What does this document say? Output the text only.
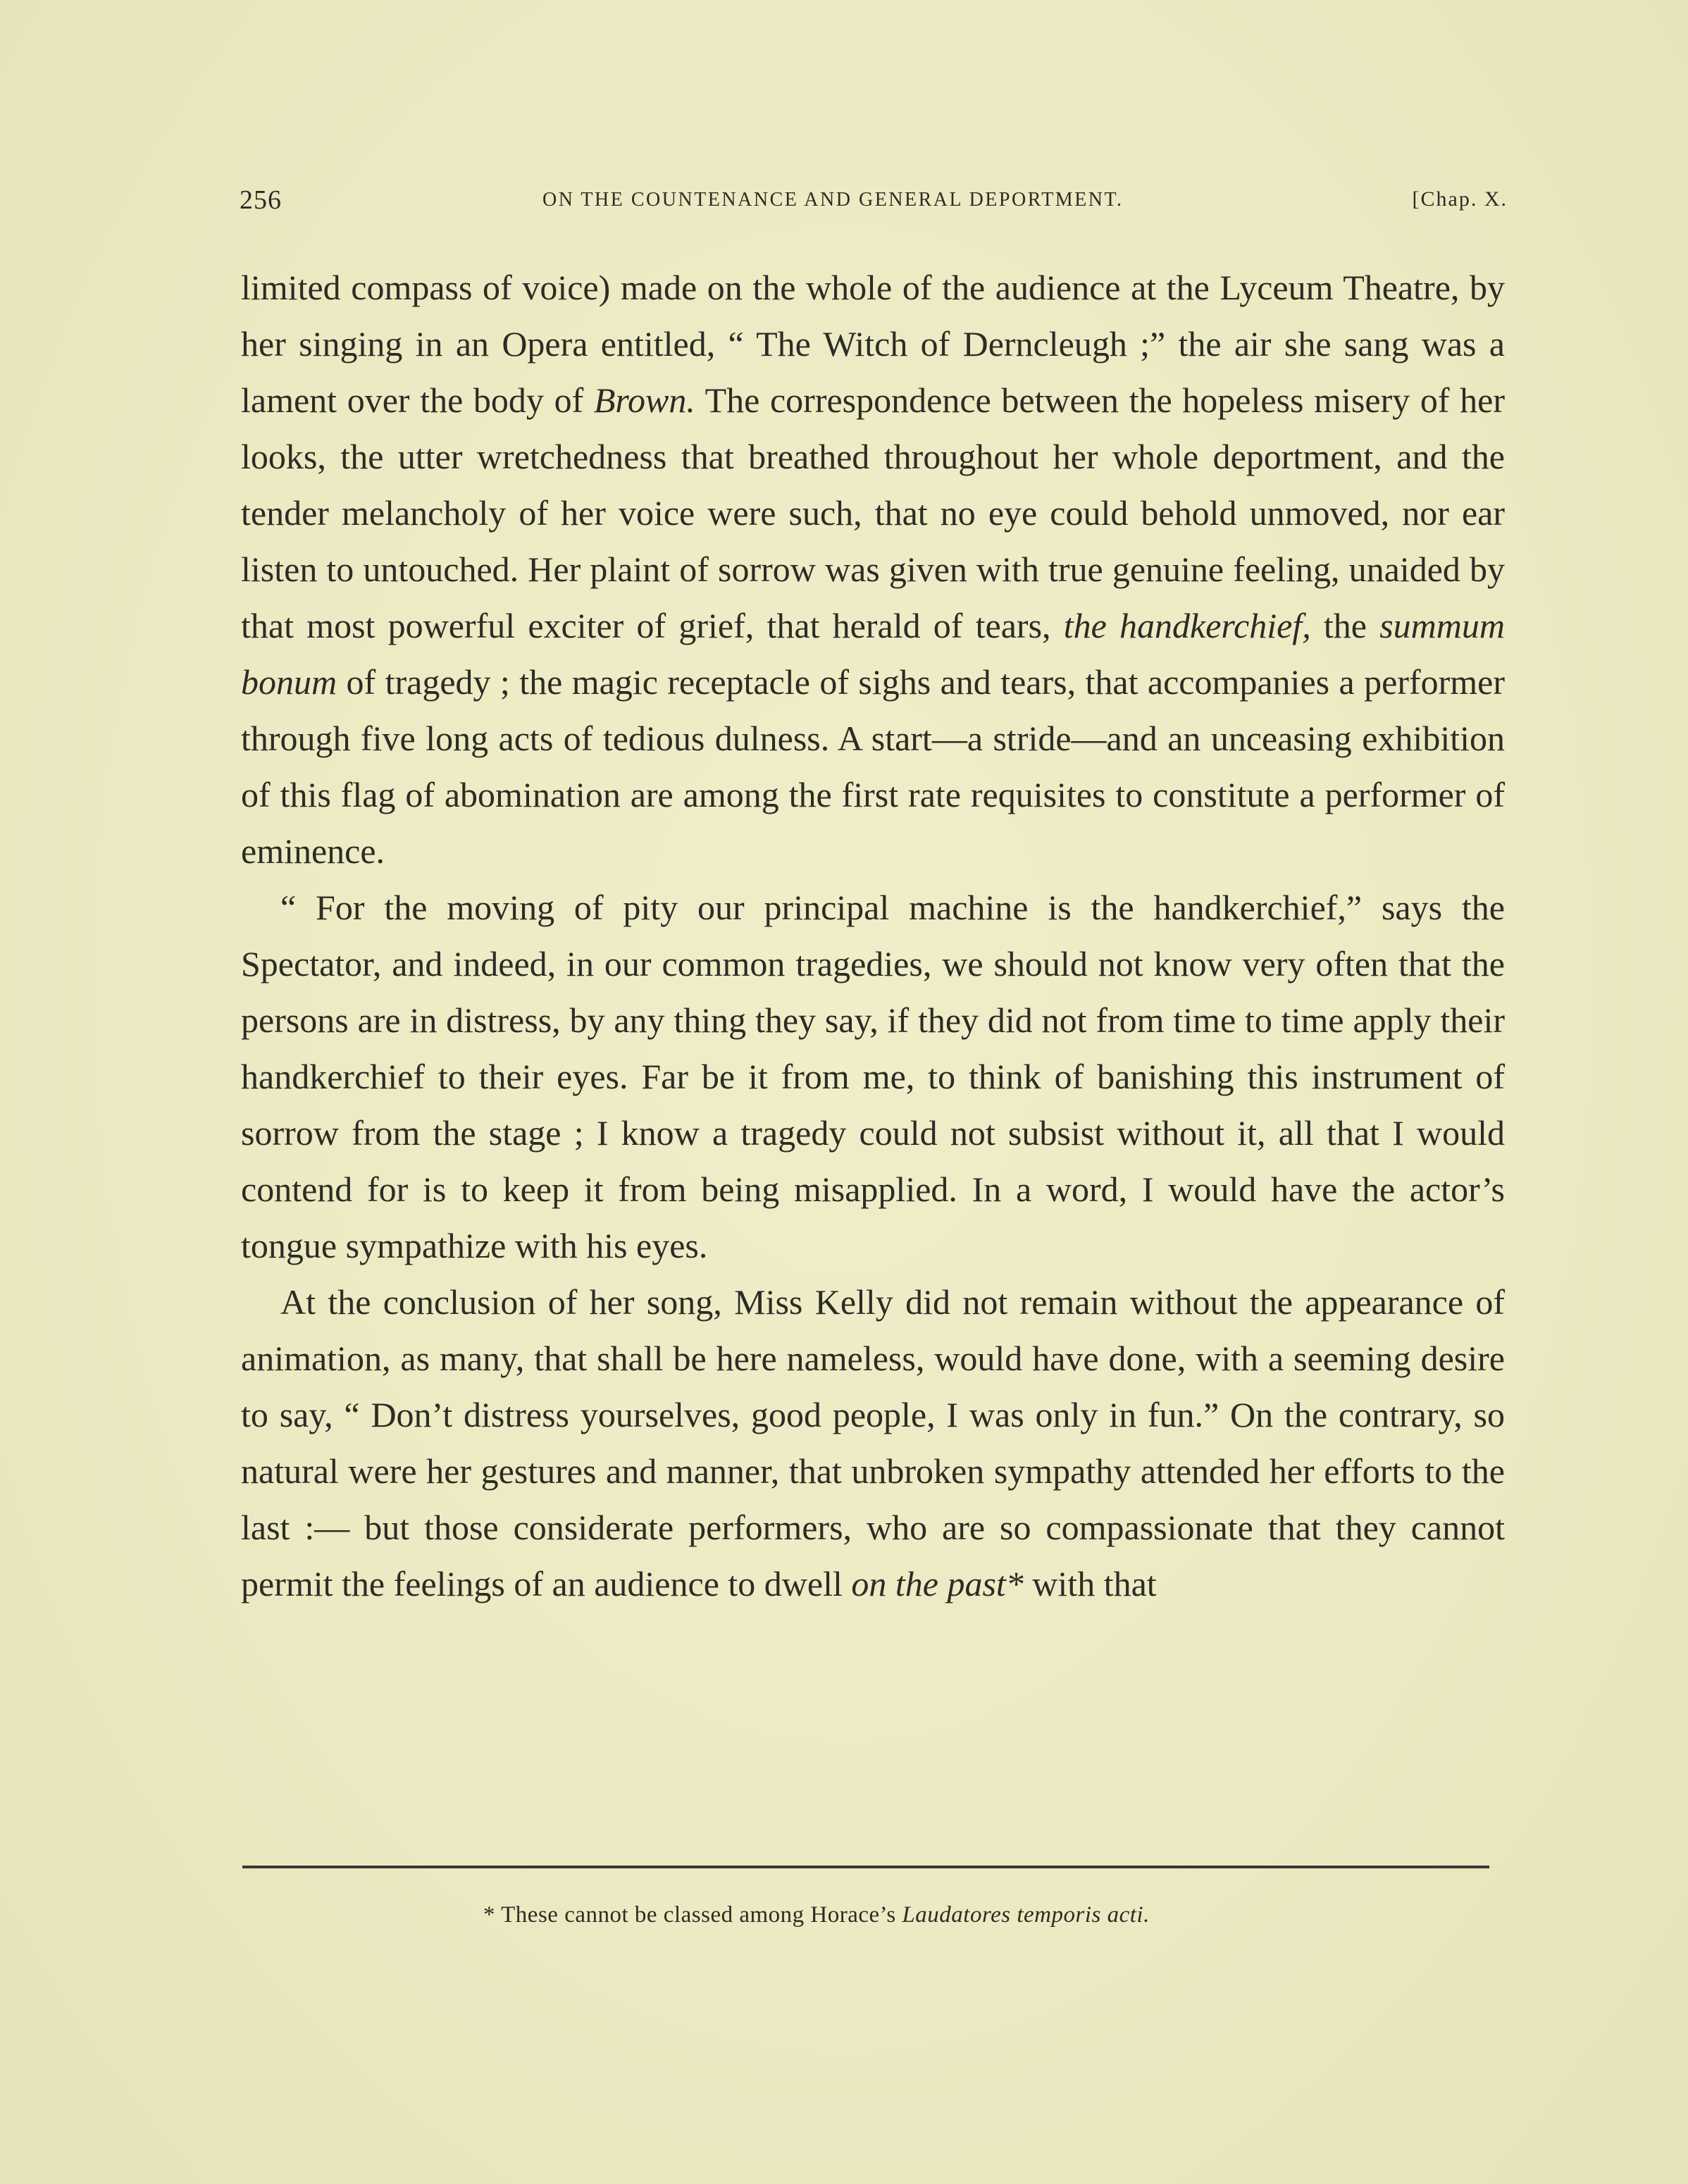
256	ON THE COUNTENANCE AND GENERAL DEPORTMENT.	[Chap. X.

limited compass of voice) made on the whole of the audience at the Lyceum Theatre, by her singing in an Opera entitled, “ The Witch of Derncleugh ;” the air she sang was a lament over the body of Brown. The correspondence between the hopeless misery of her looks, the utter wretchedness that breathed throughout her whole deportment, and the tender melancholy of her voice were such, that no eye could behold unmoved, nor ear listen to untouched. Her plaint of sorrow was given with true genuine feeling, unaided by that most powerful exciter of grief, that herald of tears, the handkerchief, the summum bonum of tragedy ; the magic receptacle of sighs and tears, that accompanies a performer through five long acts of tedious dulness. A start—a stride—and an unceasing exhibition of this flag of abomination are among the first rate requisites to constitute a performer of eminence.

“ For the moving of pity our principal machine is the handkerchief,” says the Spectator, and indeed, in our common tragedies, we should not know very often that the persons are in distress, by any thing they say, if they did not from time to time apply their handkerchief to their eyes. Far be it from me, to think of banishing this instrument of sorrow from the stage ; I know a tragedy could not subsist without it, all that I would contend for is to keep it from being misapplied. In a word, I would have the actor’s tongue sympathize with his eyes.

At the conclusion of her song, Miss Kelly did not remain without the appearance of animation, as many, that shall be here nameless, would have done, with a seeming desire to say, “ Don’t distress yourselves, good people, I was only in fun.” On the contrary, so natural were her gestures and manner, that unbroken sympathy attended her efforts to the last :— but those considerate performers, who are so compassionate that they cannot permit the feelings of an audience to dwell on the past* with that

* These cannot be classed among Horace’s Laudatores temporis acti.
